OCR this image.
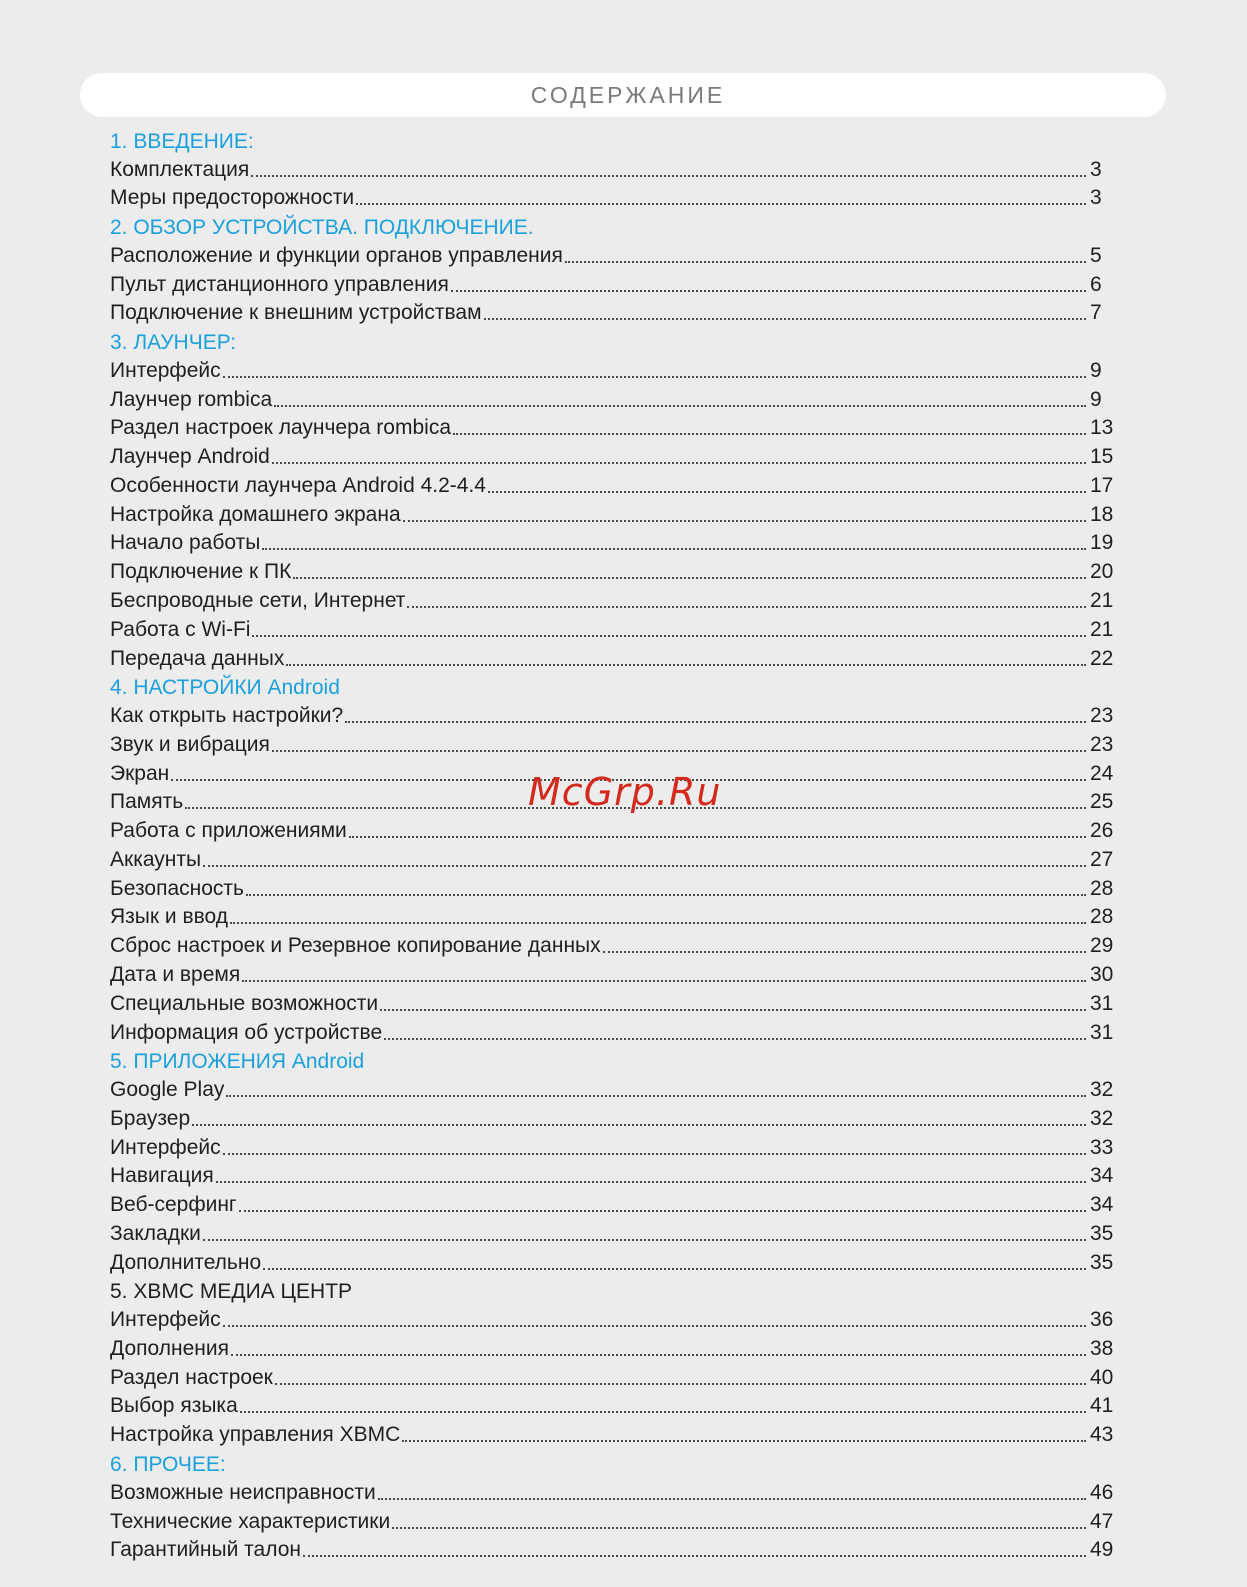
СОДЕРЖАНИЕ
1. ВВЕДЕНИЕ:
Комплектация	3
Меры предосторожности	3
2. ОБЗОР УСТРОЙСТВА. ПОДКЛЮЧЕНИЕ.
Расположение и функции органов управления	5
Пульт дистанционного управления	6
Подключение к внешним устройствам	7
3. ЛАУНЧЕР:
Интерфейс	9
Лаунчер rombica	9
Раздел настроек лаунчера rombica	13
Лаунчер Android	15
Особенности лаунчера Android 4.2-4.4	17
Настройка домашнего экрана	18
Начало работы	19
Подключение к ПК	20
Беспроводные сети, Интернет	21
Работа с Wi-Fi	21
Передача данных	22
4. НАСТРОЙКИ Android
Как открыть настройки?	23
Звук и вибрация	23
Экран	24
Память	25
Работа с приложениями	26
Аккаунты	27
Безопасность	28
Язык и ввод	28
Сброс настроек и Резервное копирование данных	29
Дата и время	30
Специальные возможности	31
Информация об устройстве	31
5. ПРИЛОЖЕНИЯ Android
Google Play	32
Браузер	32
Интерфейс	33
Навигация	34
Веб-серфинг	34
Закладки	35
Дополнительно	35
5. XBMC МЕДИА ЦЕНТР
Интерфейс	36
Дополнения	38
Раздел настроек	40
Выбор языка	41
Настройка управления XBMC	43
6. ПРОЧЕЕ:
Возможные неисправности	46
Технические характеристики	47
Гарантийный талон	49
McGrp.Ru
